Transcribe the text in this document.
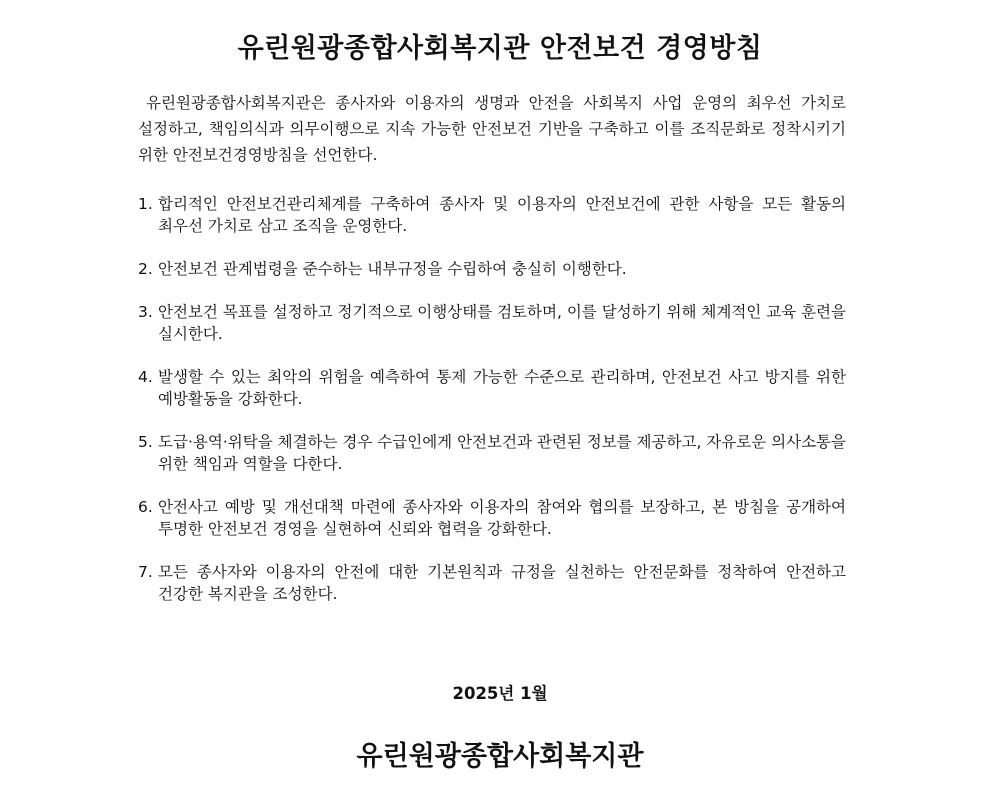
유린원광종합사회복지관 안전보건 경영방침

유린원광종합사회복지관은 종사자와 이용자의 생명과 안전을 사회복지 사업 운영의 최우선 가치로 설정하고, 책임의식과 의무이행으로 지속 가능한 안전보건 기반을 구축하고 이를 조직문화로 정착시키기 위한 안전보건경영방침을 선언한다.

1. 합리적인 안전보건관리체계를 구축하여 종사자 및 이용자의 안전보건에 관한 사항을 모든 활동의 최우선 가치로 삼고 조직을 운영한다.
2. 안전보건 관계법령을 준수하는 내부규정을 수립하여 충실히 이행한다.
3. 안전보건 목표를 설정하고 정기적으로 이행상태를 검토하며, 이를 달성하기 위해 체계적인 교육 훈련을 실시한다.
4. 발생할 수 있는 최악의 위험을 예측하여 통제 가능한 수준으로 관리하며, 안전보건 사고 방지를 위한 예방활동을 강화한다.
5. 도급·용역·위탁을 체결하는 경우 수급인에게 안전보건과 관련된 정보를 제공하고, 자유로운 의사소통을 위한 책임과 역할을 다한다.
6. 안전사고 예방 및 개선대책 마련에 종사자와 이용자의 참여와 협의를 보장하고, 본 방침을 공개하여 투명한 안전보건 경영을 실현하여 신뢰와 협력을 강화한다.
7. 모든 종사자와 이용자의 안전에 대한 기본원칙과 규정을 실천하는 안전문화를 정착하여 안전하고 건강한 복지관을 조성한다.
2025년 1월
유린원광종합사회복지관
